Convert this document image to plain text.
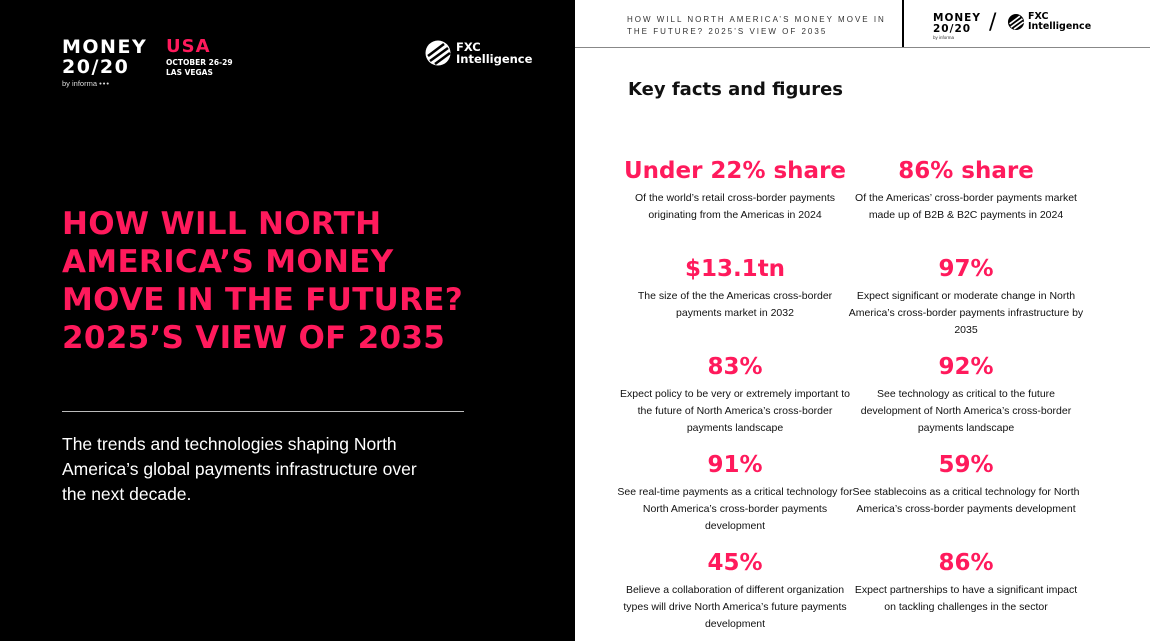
MONEY
20/20
by informa •••
USA
OCTOBER 26-29
LAS VEGAS
FXC
Intelligence
HOW WILL NORTH AMERICA’S MONEY MOVE IN THE FUTURE? 2025’S VIEW OF 2035
The trends and technologies shaping North America’s global payments infrastructure over the next decade.
HOW WILL NORTH AMERICA’S MONEY MOVE IN THE FUTURE? 2025’S VIEW OF 2035
MONEY
20/20
by informa
/	FXC
Intelligence
Key facts and figures
Under 22% share
Of the world’s retail cross-border payments originating from the Americas in 2024
86% share
Of the Americas’ cross-border payments market made up of B2B & B2C payments in 2024
$13.1tn
The size of the the Americas cross-border payments market in 2032
97%
Expect significant or moderate change in North America’s cross-border payments infrastructure by 2035
83%
Expect policy to be very or extremely important to the future of North America’s cross-border payments landscape
92%
See technology as critical to the future development of North America’s cross-border payments landscape
91%
See real-time payments as a critical technology for North America’s cross-border payments development
59%
See stablecoins as a critical technology for North America’s cross-border payments development
45%
Believe a collaboration of different organization types will drive North America’s future payments development
86%
Expect partnerships to have a significant impact on tackling challenges in the sector
